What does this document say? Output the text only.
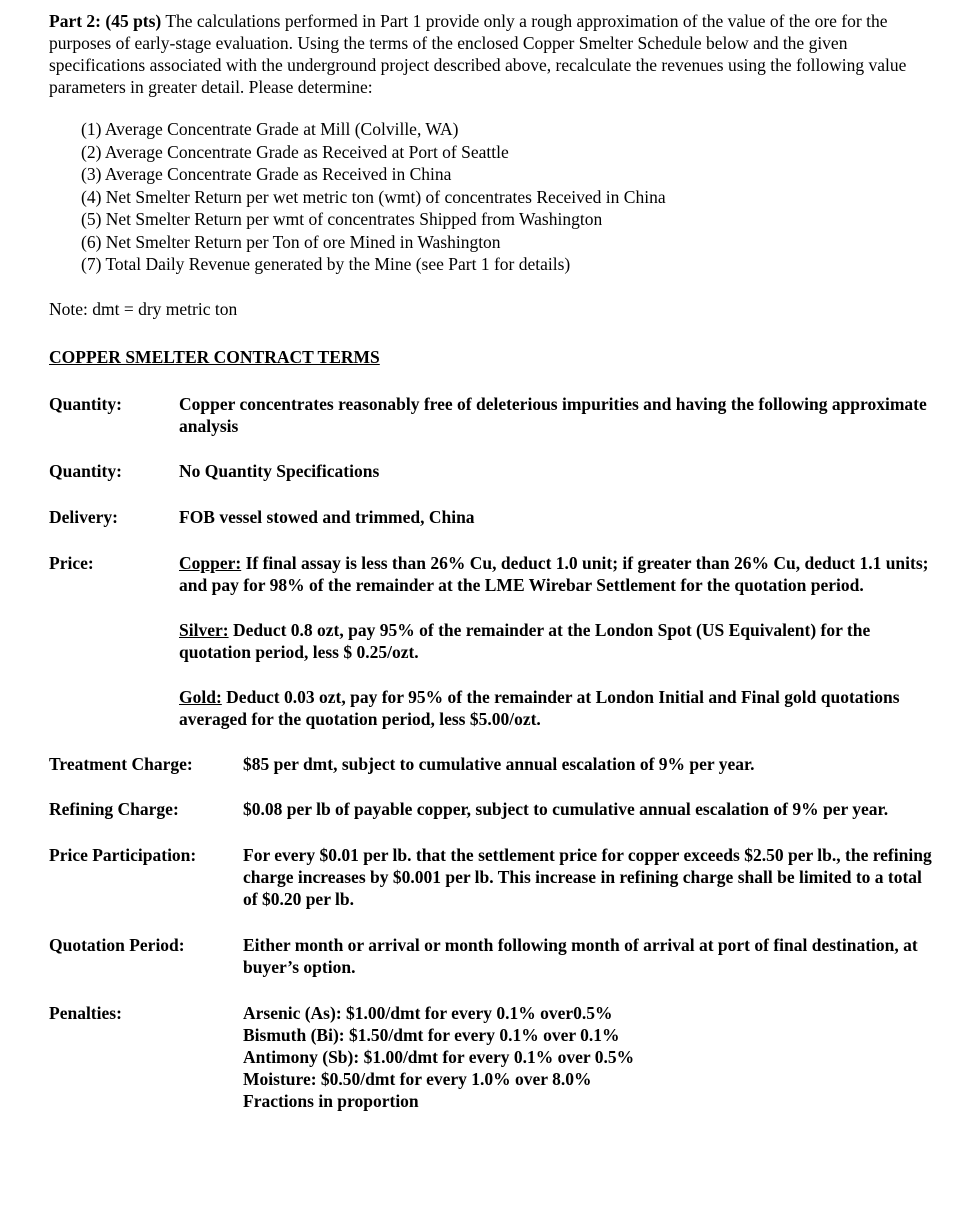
Part 2: (45 pts) The calculations performed in Part 1 provide only a rough approximation of the value of the ore for the purposes of early-stage evaluation. Using the terms of the enclosed Copper Smelter Schedule below and the given specifications associated with the underground project described above, recalculate the revenues using the following value parameters in greater detail. Please determine:

(1) Average Concentrate Grade at Mill (Colville, WA)
(2) Average Concentrate Grade as Received at Port of Seattle
(3) Average Concentrate Grade as Received in China
(4) Net Smelter Return per wet metric ton (wmt) of concentrates Received in China
(5) Net Smelter Return per wmt of concentrates Shipped from Washington
(6) Net Smelter Return per Ton of ore Mined in Washington
(7) Total Daily Revenue generated by the Mine (see Part 1 for details)
Note: dmt = dry metric ton
COPPER SMELTER CONTRACT TERMS
Quantity:	Copper concentrates reasonably free of deleterious impurities and having the following approximate analysis
Quantity:	No Quantity Specifications
Delivery:	FOB vessel stowed and trimmed, China
Price:	Copper: If final assay is less than 26% Cu, deduct 1.0 unit; if greater than 26% Cu, deduct 1.1 units; and pay for 98% of the remainder at the LME Wirebar Settlement for the quotation period.
Silver: Deduct 0.8 ozt, pay 95% of the remainder at the London Spot (US Equivalent) for the quotation period, less $ 0.25/ozt.
Gold: Deduct 0.03 ozt, pay for 95% of the remainder at London Initial and Final gold quotations averaged for the quotation period, less $5.00/ozt.
Treatment Charge:	$85 per dmt, subject to cumulative annual escalation of 9% per year.
Refining Charge:	$0.08 per lb of payable copper, subject to cumulative annual escalation of 9% per year.
Price Participation:	For every $0.01 per lb. that the settlement price for copper exceeds $2.50 per lb., the refining charge increases by $0.001 per lb. This increase in refining charge shall be limited to a total of $0.20 per lb.
Quotation Period:	Either month or arrival or month following month of arrival at port of final destination, at buyer’s option.
Penalties:	Arsenic (As): $1.00/dmt for every 0.1% over0.5%
Bismuth (Bi): $1.50/dmt for every 0.1% over 0.1%
Antimony (Sb): $1.00/dmt for every 0.1% over 0.5%
Moisture: $0.50/dmt for every 1.0% over 8.0%
Fractions in proportion
